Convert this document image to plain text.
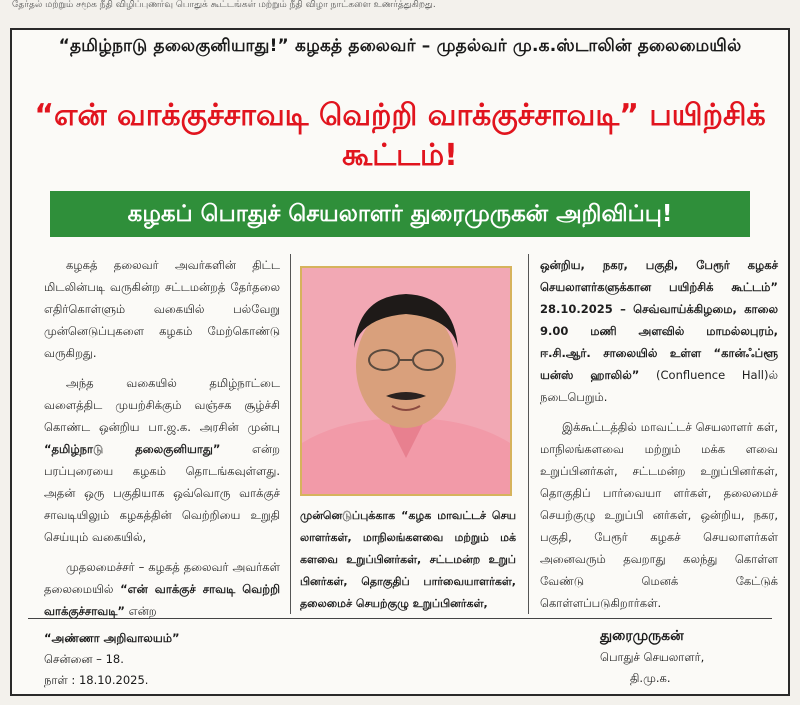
தேர்தல் மற்றும் சமூக நீதி விழிப்புணர்வு பொதுக் கூட்டங்கள் மற்றும் நீதி விழா நாட்களை உணர்த்துகிறது.
“தமிழ்நாடு தலைகுனியாது!” கழகத் தலைவர் – முதல்வர் மு.க.ஸ்டாலின் தலைமையில்
“என் வாக்குச்சாவடி வெற்றி வாக்குச்சாவடி” பயிற்சிக் கூட்டம்!
கழகப் பொதுச் செயலாளர் துரைமுருகன் அறிவிப்பு!

கழகத் தலைவர் அவர்களின் திட்ட மிடலின்படி வருகின்ற சட்டமன்றத் தேர்தலை எதிர்கொள்ளும் வகையில் பல்வேறு முன்னெடுப்புகளை கழகம் மேற்கொண்டு வருகிறது.

அந்த வகையில் தமிழ்நாட்டை வளைத்திட முயற்சிக்கும் வஞ்சக சூழ்ச்சி கொண்ட ஒன்றிய பா.ஜ.க. அரசின் முன்பு “தமிழ்நாடு தலைகுனியாது” என்ற பரப்புரையை கழகம் தொடங்கவுள்ளது. அதன் ஒரு பகுதியாக ஒவ்வொரு வாக்குச் சாவடியிலும் கழகத்தின் வெற்றியை உறுதி செய்யும் வகையில்,

முதலமைச்சர் – கழகத் தலைவர் அவர்கள் தலைமையில் “என் வாக்குச் சாவடி வெற்றி வாக்குச்சாவடி” என்ற

முன்னெடுப்புக்காக “கழக மாவட்டச் செய லாளர்கள், மாநிலங்களவை மற்றும் மக் களவை உறுப்பினர்கள், சட்டமன்ற உறுப் பினர்கள், தொகுதிப் பார்வையாளர்கள், தலைமைச் செயற்குழு உறுப்பினர்கள்,

ஒன்றிய, நகர, பகுதி, பேரூர் கழகச் செயலாளர்களுக்கான பயிற்சிக் கூட்டம்” 28.10.2025 – செவ்வாய்க்கிழமை, காலை 9.00 மணி அளவில் மாமல்லபுரம், ஈ.சி.ஆர். சாலையில் உள்ள “கான்ஃப்ளூ யன்ஸ் ஹாலில்” (Confluence Hall)ல் நடைபெறும்.

இக்கூட்டத்தில் மாவட்டச் செயலாளர் கள், மாநிலங்களவை மற்றும் மக்க ளவை உறுப்பினர்கள், சட்டமன்ற உறுப்பினர்கள், தொகுதிப் பார்வையா ளர்கள், தலைமைச் செயற்குழு உறுப்பி னர்கள், ஒன்றிய, நகர, பகுதி, பேரூர் கழகச் செயலாளர்கள் அனைவரும் தவறாது கலந்து கொள்ள வேண்டு மெனக் கேட்டுக் கொள்ளப்படுகிறார்கள்.

“அண்ணா அறிவாலயம்”
சென்னை – 18.
நாள் : 18.10.2025.
துரைமுருகன்
பொதுச் செயலாளர்,
தி.மு.க.
